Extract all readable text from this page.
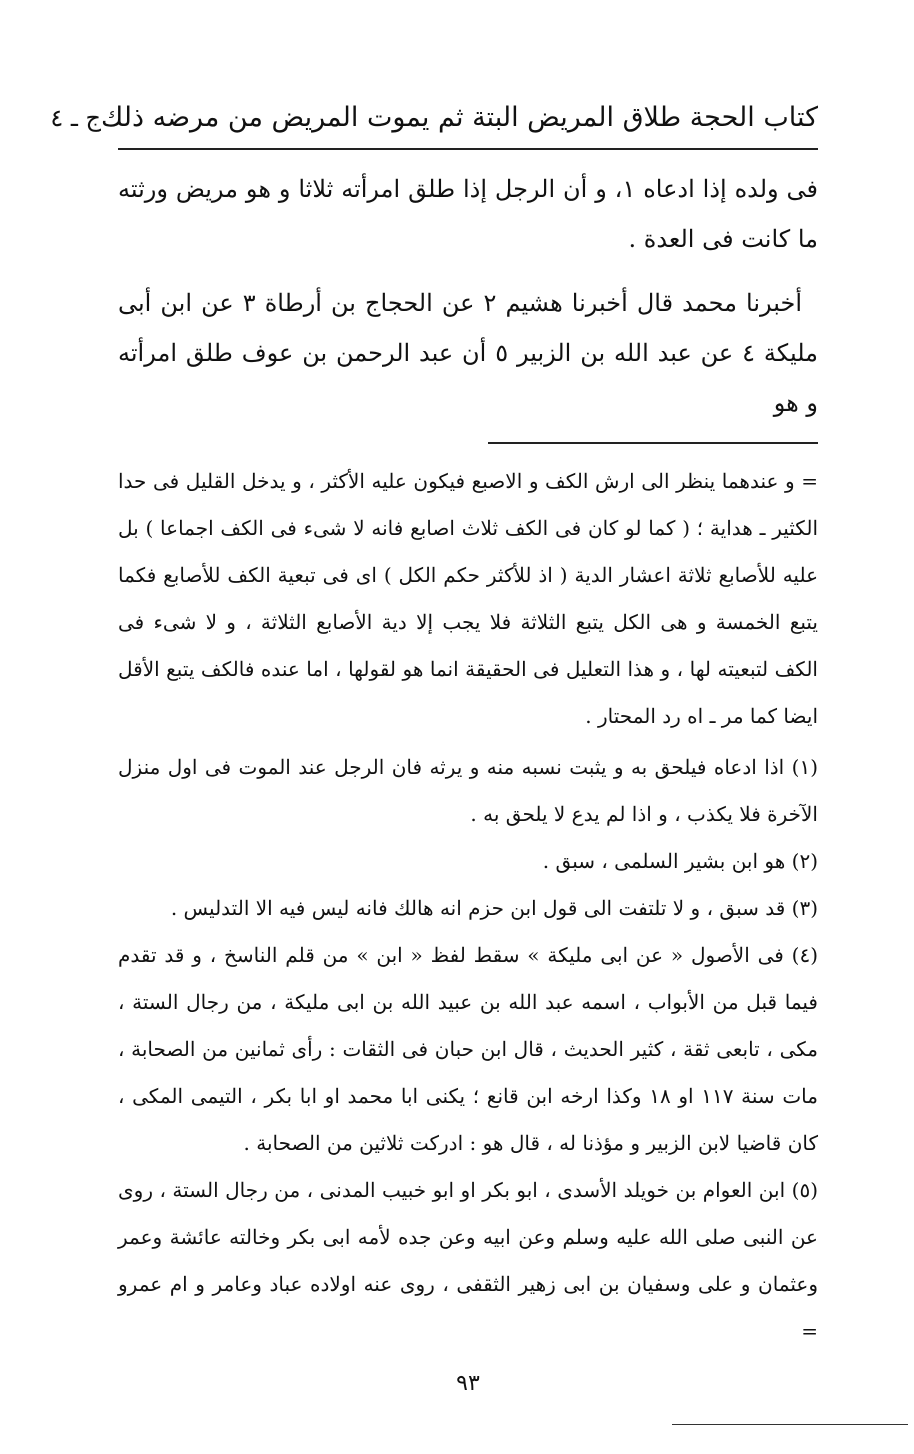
كتاب الحجة طلاق المريض البتة ثم يموت المريض من مرضه ذلك
ج ـ ٤

فى ولده إذا ادعاه ١، و أن الرجل إذا طلق امرأته ثلاثا و هو مريض ورثته ما كانت فى العدة .

أخبرنا محمد قال أخبرنا هشيم ٢ عن الحجاج بن أرطاة ٣ عن ابن أبى مليكة ٤ عن عبد الله بن الزبير ٥ أن عبد الرحمن بن عوف طلق امرأته و هو

= و عندهما ينظر الى ارش الكف و الاصبع فيكون عليه الأكثر ، و يدخل القليل فى حدا الكثير ـ هداية ؛ ( كما لو كان فى الكف ثلاث اصابع فانه لا شىء فى الكف اجماعا ) بل عليه للأصابع ثلاثة اعشار الدية ( اذ للأكثر حكم الكل ) اى فى تبعية الكف للأصابع فكما يتبع الخمسة و هى الكل يتبع الثلاثة فلا يجب إلا دية الأصابع الثلاثة ، و لا شىء فى الكف لتبعيته لها ، و هذا التعليل فى الحقيقة انما هو لقولها ، اما عنده فالكف يتبع الأقل ايضا كما مر ـ اه رد المحتار .

(١) اذا ادعاه فيلحق به و يثبت نسبه منه و يرثه فان الرجل عند الموت فى اول منزل الآخرة فلا يكذب ، و اذا لم يدع لا يلحق به .

(٢) هو ابن بشير السلمى ، سبق .

(٣) قد سبق ، و لا تلتفت الى قول ابن حزم انه هالك فانه ليس فيه الا التدليس .

(٤) فى الأصول « عن ابى مليكة » سقط لفظ « ابن » من قلم الناسخ ، و قد تقدم فيما قبل من الأبواب ، اسمه عبد الله بن عبيد الله بن ابى مليكة ، من رجال الستة ، مكى ، تابعى ثقة ، كثير الحديث ، قال ابن حبان فى الثقات : رأى ثمانين من الصحابة ، مات سنة ١١٧ او ١٨ وكذا ارخه ابن قانع ؛ يكنى ابا محمد او ابا بكر ، التيمى المكى ، كان قاضيا لابن الزبير و مؤذنا له ، قال هو : ادركت ثلاثين من الصحابة .

(٥) ابن العوام بن خويلد الأسدى ، ابو بكر او ابو خبيب المدنى ، من رجال الستة ، روى عن النبى صلى الله عليه وسلم وعن ابيه وعن جده لأمه ابى بكر وخالته عائشة وعمر وعثمان و على وسفيان بن ابى زهير الثقفى ، روى عنه اولاده عباد وعامر و ام عمرو =

٩٣
